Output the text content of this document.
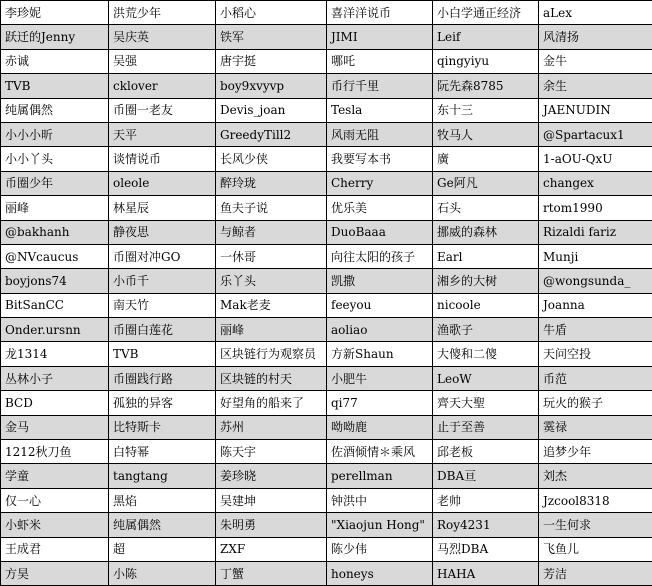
李珍妮	洪荒少年	小稻心	喜洋洋说币	小白学通正经济	aLex
跃迁的Jenny	吴庆英	铁军	JIMI	Leif	风清扬
赤诚	吴强	唐宇挺	哪吒	qingyiyu	金牛
TVB	cklover	boy9xvyvp	币行千里	阮先森8785	余生
纯属偶然	币圈一老友	Devis_joan	Tesla	东十三	JAENUDIN
小小小昕	天平	GreedyTill2	风雨无阻	牧马人	@Spartacux1
小小丫头	谈情说币	长风少侠	我要写本书	廣	1-aOU-QxU
币圈少年	oleole	醉玲珑	Cherry	Ge阿凡	changex
丽峰	林星辰	鱼夫子说	优乐美	石头	rtom1990
@bakhanh	静夜思	与鲸者	DuoBaaa	挪威的森林	Rizaldi fariz
@NVcaucus	币圈对冲GO	一休哥	向往太阳的孩子	Earl	Munji
boyjons74	小币千	乐丫头	凯撒	湘乡的大树	@wongsunda_
BitSanCC	南天竹	Mak老麦	feeyou	nicoole	Joanna
Onder.ursnn	币圈白莲花	丽峰	aoliao	渔歌子	牛盾
龙1314	TVB	区块链行为观察员	方新Shaun	大傻和二傻	天问空投
丛林小子	币圈践行路	区块链的村天	小肥牛	LeoW	币范
BCD	孤独的异客	好望角的船来了	qi77	齊天大聖	玩火的猴子
金马	比特斯卡	苏州	呦呦鹿	止于至善	霙禄
1212秋刀鱼	白特幂	陈天宇	佐酒倾情＊乘风	邱老板	追梦少年
学童	tangtang	姜珍晓	perellman	DBA亘	刘杰
仅一心	黑焰	吴建坤	钟洪中	老帅	Jzcool8318
小虾米	纯属偶然	朱明勇	"Xiaojun Hong"	Roy4231	一生何求
王成君	超	ZXF	陈少伟	马烈DBA	飞鱼儿
方昊	小陈	丁蟹	honeys	HAHA	芳洁
